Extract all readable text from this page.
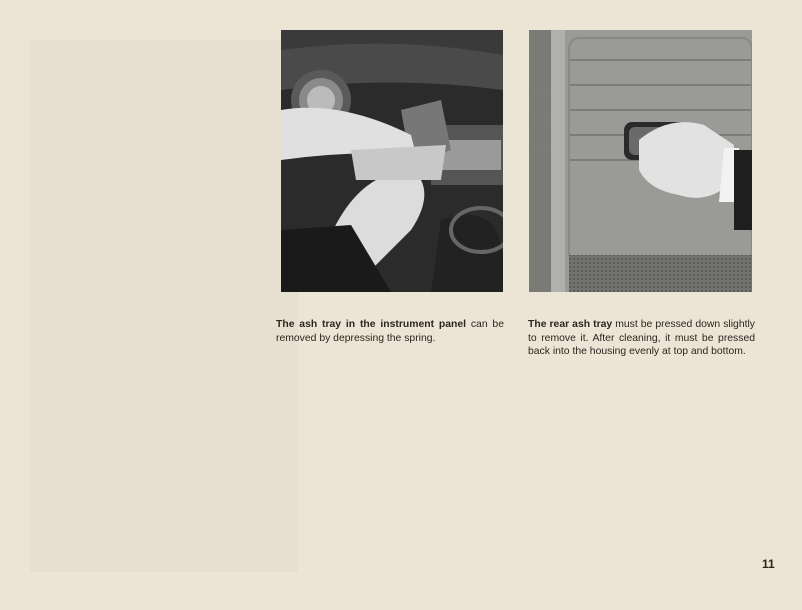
The ash tray in the instrument panel can be removed by depressing the spring.
The rear ash tray must be pressed down slightly to remove it. After cleaning, it must be pressed back into the housing evenly at top and bottom.
11
